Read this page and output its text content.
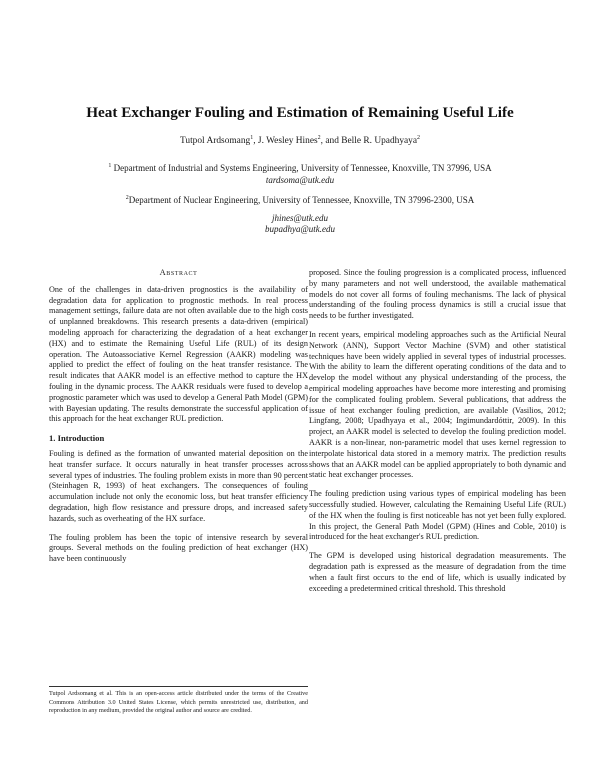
Heat Exchanger Fouling and Estimation of Remaining Useful Life
Tutpol Ardsomang$^1$, J. Wesley Hines$^2$, and Belle R. Upadhyaya$^2$
$^1$ Department of Industrial and Systems Engineering, University of Tennessee, Knoxville, TN 37996, USA
tardsoma@utk.edu
$^2$Department of Nuclear Engineering, University of Tennessee, Knoxville, TN 37996-2300, USA
jhines@utk.edu
bupadhya@utk.edu
Abstract

One of the challenges in data-driven prognostics is the availability of degradation data for application to prognostic methods. In real process management settings, failure data are not often available due to the high costs of unplanned breakdowns. This research presents a data-driven (empirical) modeling approach for characterizing the degradation of a heat exchanger (HX) and to estimate the Remaining Useful Life (RUL) of its design operation. The Autoassociative Kernel Regression (AAKR) modeling was applied to predict the effect of fouling on the heat transfer resistance. The result indicates that AAKR model is an effective method to capture the HX fouling in the dynamic process. The AAKR residuals were fused to develop a prognostic parameter which was used to develop a General Path Model (GPM) with Bayesian updating. The results demonstrate the successful application of this approach for the heat exchanger RUL prediction.

1. Introduction

Fouling is defined as the formation of unwanted material deposition on the heat transfer surface. It occurs naturally in heat transfer processes across several types of industries. The fouling problem exists in more than 90 percent (Steinhagen R, 1993) of heat exchangers. The consequences of fouling accumulation include not only the economic loss, but heat transfer efficiency degradation, high flow resistance and pressure drops, and increased safety hazards, such as overheating of the HX surface.

The fouling problem has been the topic of intensive research by several groups. Several methods on the fouling prediction of heat exchanger (HX) have been continuously

Tutpol Ardsomang et al. This is an open-access article distributed under the terms of the Creative Commons Attribution 3.0 United States License, which permits unrestricted use, distribution, and reproduction in any medium, provided the original author and source are credited.

proposed. Since the fouling progression is a complicated process, influenced by many parameters and not well understood, the available mathematical models do not cover all forms of fouling mechanisms. The lack of physical understanding of the fouling process dynamics is still a crucial issue that needs to be further investigated.

In recent years, empirical modeling approaches such as the Artificial Neural Network (ANN), Support Vector Machine (SVM) and other statistical techniques have been widely applied in several types of industrial processes. With the ability to learn the different operating conditions of the data and to develop the model without any physical understanding of the process, the empirical modeling approaches have become more interesting and promising for the complicated fouling problem. Several publications, that address the issue of heat exchanger fouling prediction, are available (Vasilios, 2012; Lingfang, 2008; Upadhyaya et al., 2004; Ingimundardóttir, 2009). In this project, an AAKR model is selected to develop the fouling prediction model. AAKR is a non-linear, non-parametric model that uses kernel regression to interpolate historical data stored in a memory matrix. The prediction results shows that an AAKR model can be applied appropriately to both dynamic and static heat exchanger processes.

The fouling prediction using various types of empirical modeling has been successfully studied. However, calculating the Remaining Useful Life (RUL) of the HX when the fouling is first noticeable has not yet been fully explored. In this project, the General Path Model (GPM) (Hines and Coble, 2010) is introduced for the heat exchanger's RUL prediction.

The GPM is developed using historical degradation measurements. The degradation path is expressed as the measure of degradation from the time when a fault first occurs to the end of life, which is usually indicated by exceeding a predetermined critical threshold. This threshold
